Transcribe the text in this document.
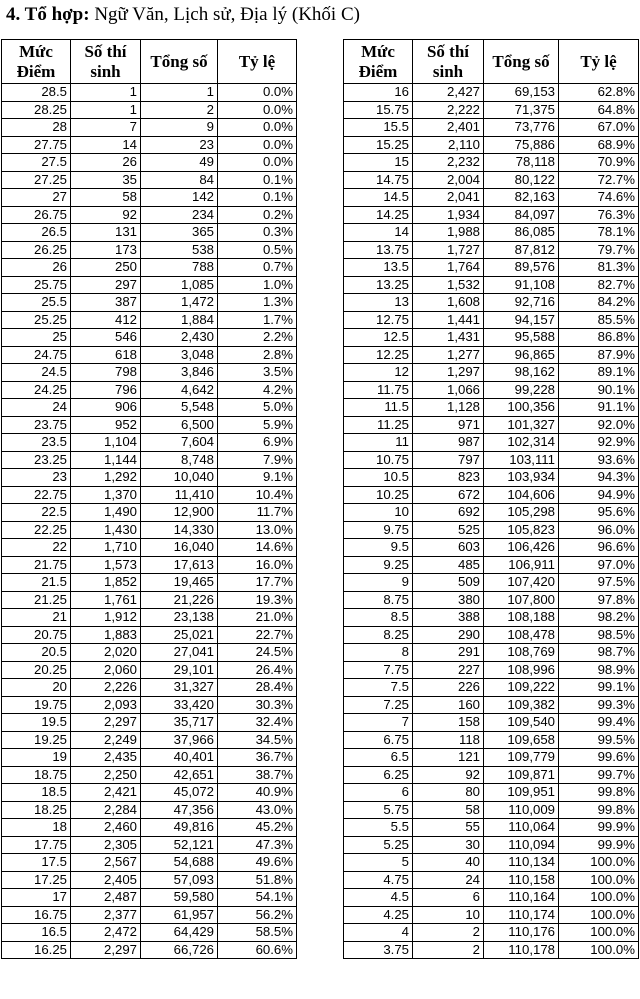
4. Tổ hợp: Ngữ Văn, Lịch sử, Địa lý (Khối C)
Mức Điểm	Số thí sinh	Tổng số	Tỷ lệ
28.5	1	1	0.0%
28.25	1	2	0.0%
28	7	9	0.0%
27.75	14	23	0.0%
27.5	26	49	0.0%
27.25	35	84	0.1%
27	58	142	0.1%
26.75	92	234	0.2%
26.5	131	365	0.3%
26.25	173	538	0.5%
26	250	788	0.7%
25.75	297	1,085	1.0%
25.5	387	1,472	1.3%
25.25	412	1,884	1.7%
25	546	2,430	2.2%
24.75	618	3,048	2.8%
24.5	798	3,846	3.5%
24.25	796	4,642	4.2%
24	906	5,548	5.0%
23.75	952	6,500	5.9%
23.5	1,104	7,604	6.9%
23.25	1,144	8,748	7.9%
23	1,292	10,040	9.1%
22.75	1,370	11,410	10.4%
22.5	1,490	12,900	11.7%
22.25	1,430	14,330	13.0%
22	1,710	16,040	14.6%
21.75	1,573	17,613	16.0%
21.5	1,852	19,465	17.7%
21.25	1,761	21,226	19.3%
21	1,912	23,138	21.0%
20.75	1,883	25,021	22.7%
20.5	2,020	27,041	24.5%
20.25	2,060	29,101	26.4%
20	2,226	31,327	28.4%
19.75	2,093	33,420	30.3%
19.5	2,297	35,717	32.4%
19.25	2,249	37,966	34.5%
19	2,435	40,401	36.7%
18.75	2,250	42,651	38.7%
18.5	2,421	45,072	40.9%
18.25	2,284	47,356	43.0%
18	2,460	49,816	45.2%
17.75	2,305	52,121	47.3%
17.5	2,567	54,688	49.6%
17.25	2,405	57,093	51.8%
17	2,487	59,580	54.1%
16.75	2,377	61,957	56.2%
16.5	2,472	64,429	58.5%
16.25	2,297	66,726	60.6%
Mức Điểm	Số thí sinh	Tổng số	Tỷ lệ
16	2,427	69,153	62.8%
15.75	2,222	71,375	64.8%
15.5	2,401	73,776	67.0%
15.25	2,110	75,886	68.9%
15	2,232	78,118	70.9%
14.75	2,004	80,122	72.7%
14.5	2,041	82,163	74.6%
14.25	1,934	84,097	76.3%
14	1,988	86,085	78.1%
13.75	1,727	87,812	79.7%
13.5	1,764	89,576	81.3%
13.25	1,532	91,108	82.7%
13	1,608	92,716	84.2%
12.75	1,441	94,157	85.5%
12.5	1,431	95,588	86.8%
12.25	1,277	96,865	87.9%
12	1,297	98,162	89.1%
11.75	1,066	99,228	90.1%
11.5	1,128	100,356	91.1%
11.25	971	101,327	92.0%
11	987	102,314	92.9%
10.75	797	103,111	93.6%
10.5	823	103,934	94.3%
10.25	672	104,606	94.9%
10	692	105,298	95.6%
9.75	525	105,823	96.0%
9.5	603	106,426	96.6%
9.25	485	106,911	97.0%
9	509	107,420	97.5%
8.75	380	107,800	97.8%
8.5	388	108,188	98.2%
8.25	290	108,478	98.5%
8	291	108,769	98.7%
7.75	227	108,996	98.9%
7.5	226	109,222	99.1%
7.25	160	109,382	99.3%
7	158	109,540	99.4%
6.75	118	109,658	99.5%
6.5	121	109,779	99.6%
6.25	92	109,871	99.7%
6	80	109,951	99.8%
5.75	58	110,009	99.8%
5.5	55	110,064	99.9%
5.25	30	110,094	99.9%
5	40	110,134	100.0%
4.75	24	110,158	100.0%
4.5	6	110,164	100.0%
4.25	10	110,174	100.0%
4	2	110,176	100.0%
3.75	2	110,178	100.0%
